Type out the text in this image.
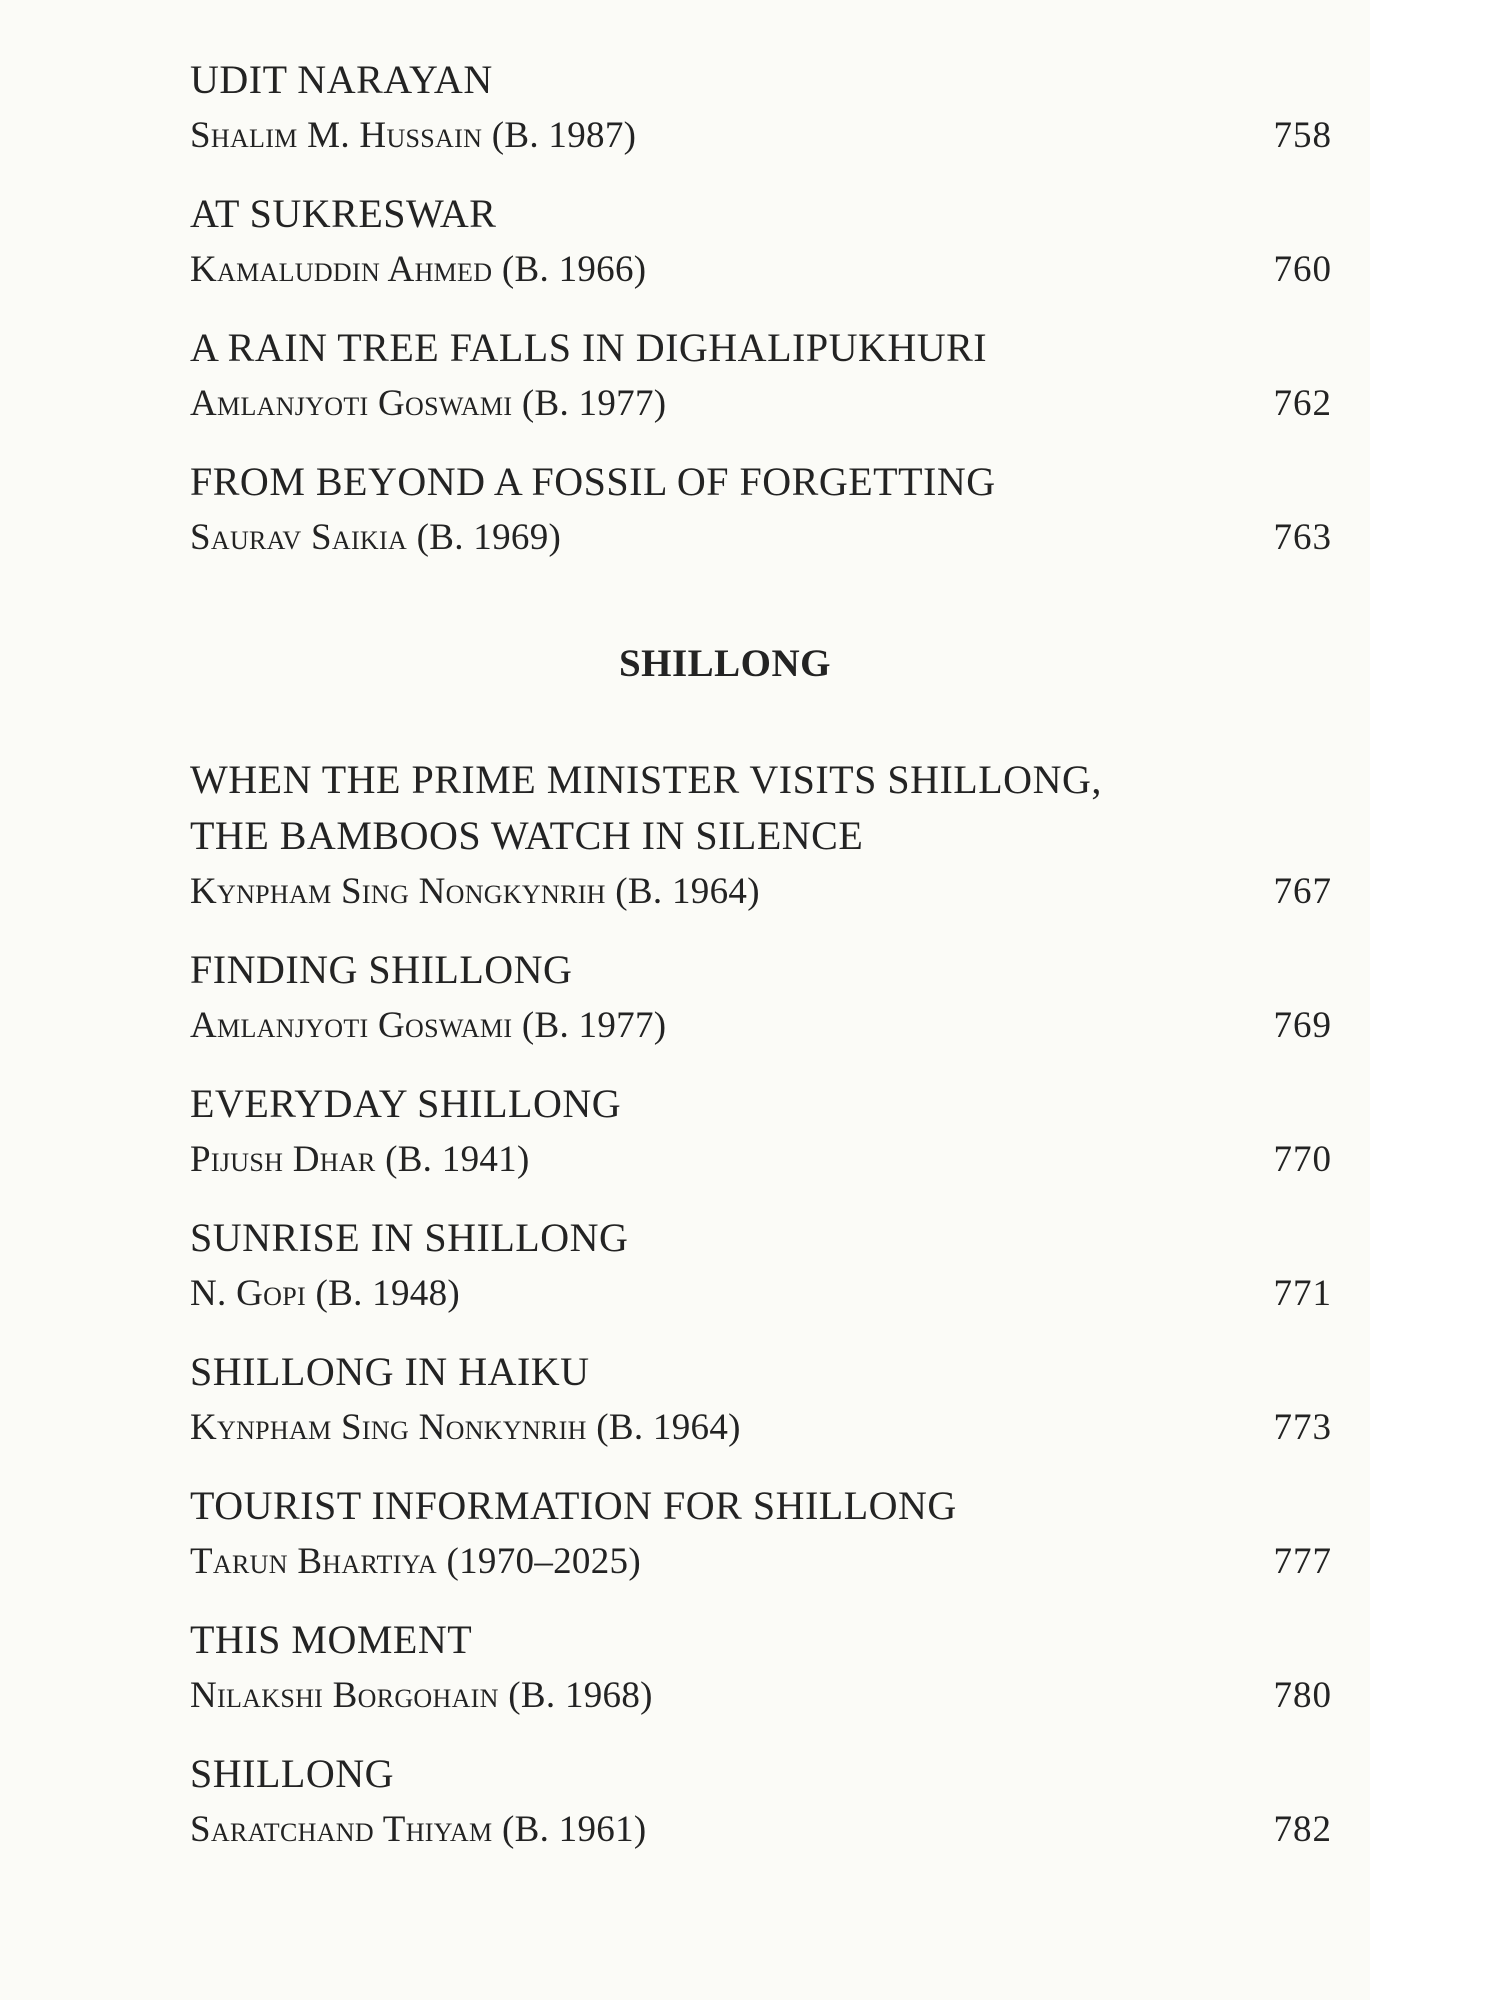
UDIT NARAYAN
Shalim M. Hussain (B. 1987)	758
AT SUKRESWAR
Kamaluddin Ahmed (B. 1966)	760
A RAIN TREE FALLS IN DIGHALIPUKHURI
Amlanjyoti Goswami (B. 1977)	762
FROM BEYOND A FOSSIL OF FORGETTING
Saurav Saikia (B. 1969)	763
SHILLONG
WHEN THE PRIME MINISTER VISITS SHILLONG,
THE BAMBOOS WATCH IN SILENCE
Kynpham Sing Nongkynrih (B. 1964)	767
FINDING SHILLONG
Amlanjyoti Goswami (B. 1977)	769
EVERYDAY SHILLONG
Pijush Dhar (B. 1941)	770
SUNRISE IN SHILLONG
N. Gopi (B. 1948)	771
SHILLONG IN HAIKU
Kynpham Sing Nonkynrih (B. 1964)	773
TOURIST INFORMATION FOR SHILLONG
Tarun Bhartiya (1970–2025)	777
THIS MOMENT
Nilakshi Borgohain (B. 1968)	780
SHILLONG
Saratchand Thiyam (B. 1961)	782
